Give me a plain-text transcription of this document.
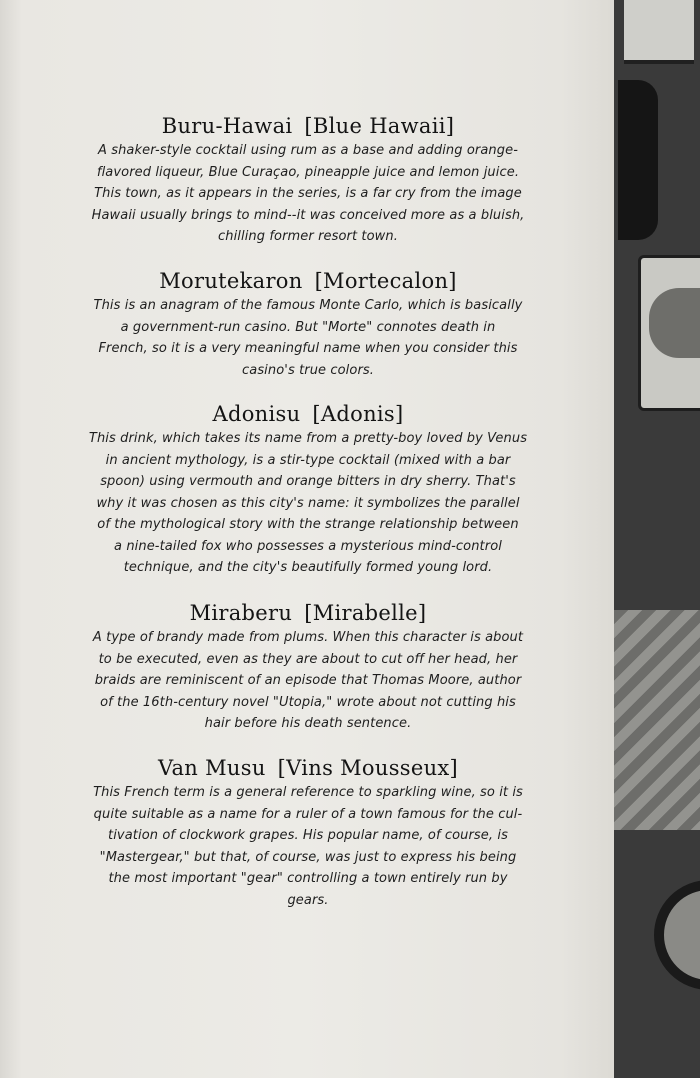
Buru-Hawai [Blue Hawaii]

A shaker-style cocktail using rum as a base and adding orange-
flavored liqueur, Blue Curaçao, pineapple juice and lemon juice.
This town, as it appears in the series, is a far cry from the image
Hawaii usually brings to mind--it was conceived more as a bluish,
chilling former resort town.

Morutekaron [Mortecalon]

This is an anagram of the famous Monte Carlo, which is basically
a government-run casino. But "Morte" connotes death in
French, so it is a very meaningful name when you consider this
casino's true colors.

Adonisu [Adonis]

This drink, which takes its name from a pretty-boy loved by Venus
in ancient mythology, is a stir-type cocktail (mixed with a bar
spoon) using vermouth and orange bitters in dry sherry. That's
why it was chosen as this city's name: it symbolizes the parallel
of the mythological story with the strange relationship between
a nine-tailed fox who possesses a mysterious mind-control
technique, and the city's beautifully formed young lord.

Miraberu [Mirabelle]

A type of brandy made from plums. When this character is about
to be executed, even as they are about to cut off her head, her
braids are reminiscent of an episode that Thomas Moore, author
of the 16th-century novel "Utopia," wrote about not cutting his
hair before his death sentence.

Van Musu [Vins Mousseux]

This French term is a general reference to sparkling wine, so it is
quite suitable as a name for a ruler of a town famous for the cul-
tivation of clockwork grapes. His popular name, of course, is
"Mastergear," but that, of course, was just to express his being
the most important "gear" controlling a town entirely run by
gears.
